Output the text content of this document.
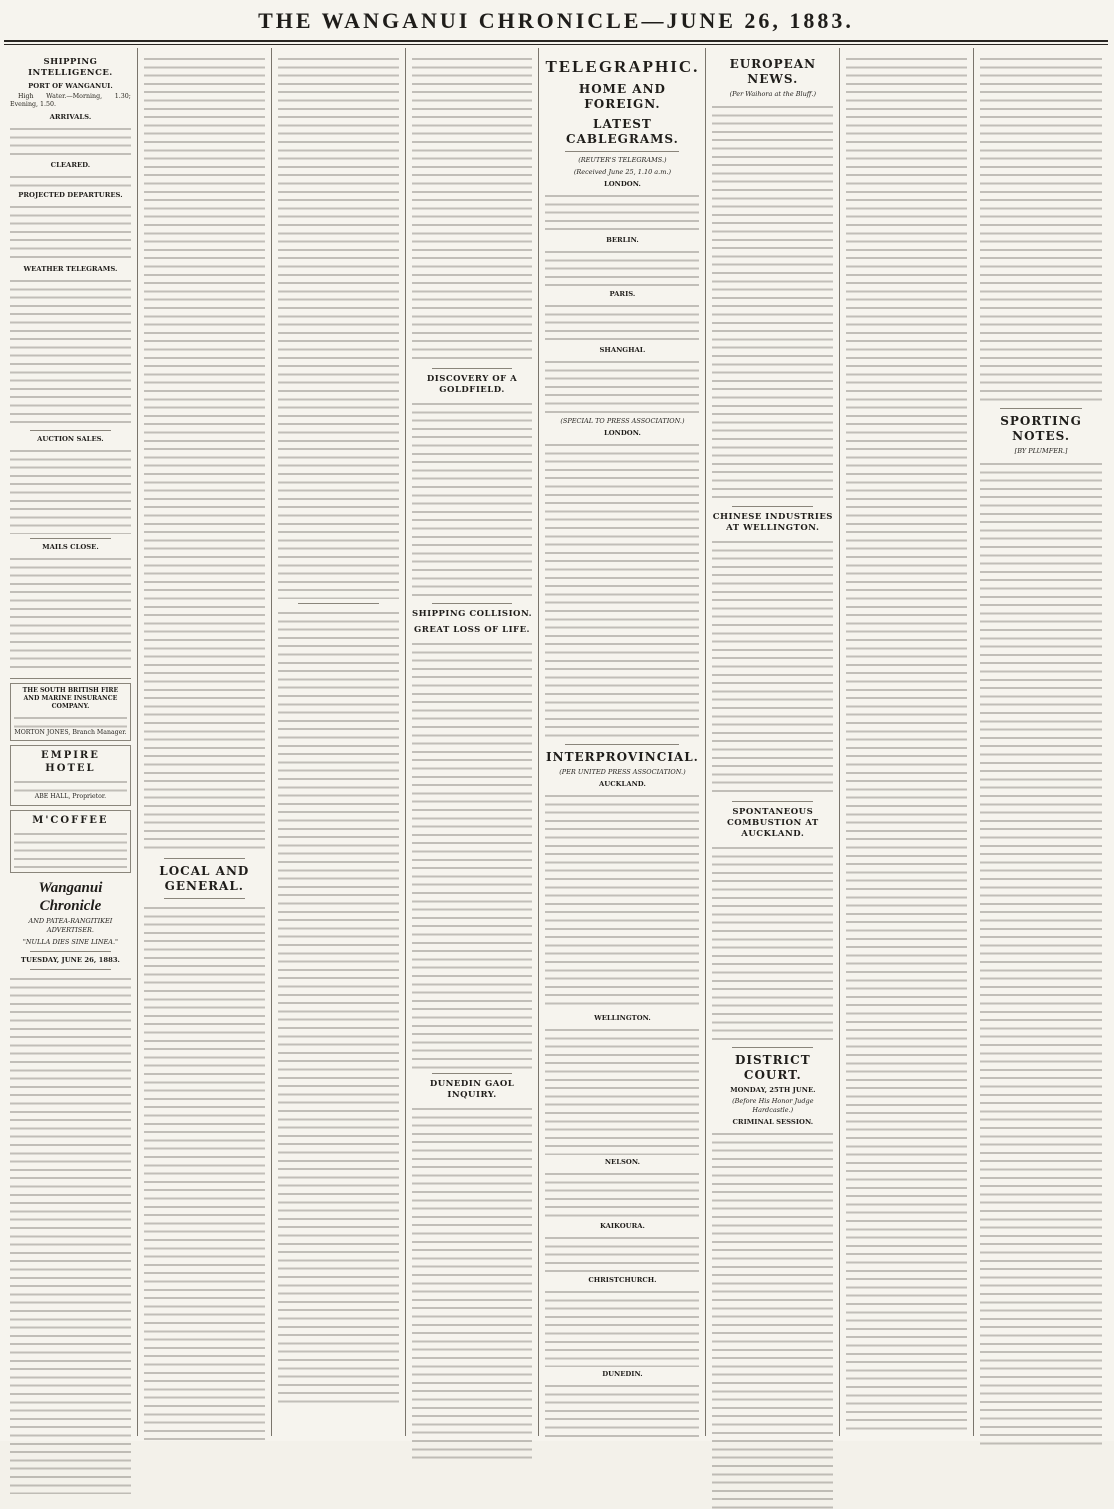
THE WANGANUI CHRONICLE—JUNE 26, 1883.
SHIPPING INTELLIGENCE.
PORT OF WANGANUI.
High Water.—Morning, 1.30; Evening, 1.50.
ARRIVALS.
CLEARED.
PROJECTED DEPARTURES.
WEATHER TELEGRAMS.
AUCTION SALES.
MAILS CLOSE.
THE SOUTH BRITISH FIRE AND MARINE INSURANCE COMPANY.
MORTON JONES, Branch Manager.
EMPIRE HOTEL
ABE HALL, Proprietor.
M'COFFEE
Wanganui Chronicle
AND PATEA-RANGITIKEI ADVERTISER.
"NULLA DIES SINE LINEA."
TUESDAY, JUNE 26, 1883.
LOCAL AND GENERAL.
DISCOVERY OF A GOLDFIELD.
SHIPPING COLLISION.
GREAT LOSS OF LIFE.
DUNEDIN GAOL INQUIRY.
TELEGRAPHIC.
HOME AND FOREIGN.
LATEST CABLEGRAMS.
(REUTER'S TELEGRAMS.)
(Received June 25, 1.10 a.m.)
LONDON.
BERLIN.
PARIS.
SHANGHAI.
(SPECIAL TO PRESS ASSOCIATION.)
LONDON.
INTERPROVINCIAL.
(PER UNITED PRESS ASSOCIATION.)
AUCKLAND.
WELLINGTON.
NELSON.
KAIKOURA.
CHRISTCHURCH.
DUNEDIN.
EUROPEAN NEWS.
(Per Waihora at the Bluff.)
CHINESE INDUSTRIES AT WELLINGTON.
SPONTANEOUS COMBUSTION AT AUCKLAND.
DISTRICT COURT.
MONDAY, 25TH JUNE.
(Before His Honor Judge Hardcastle.)
CRIMINAL SESSION.
SPORTING NOTES.
[BY PLUMFER.]
